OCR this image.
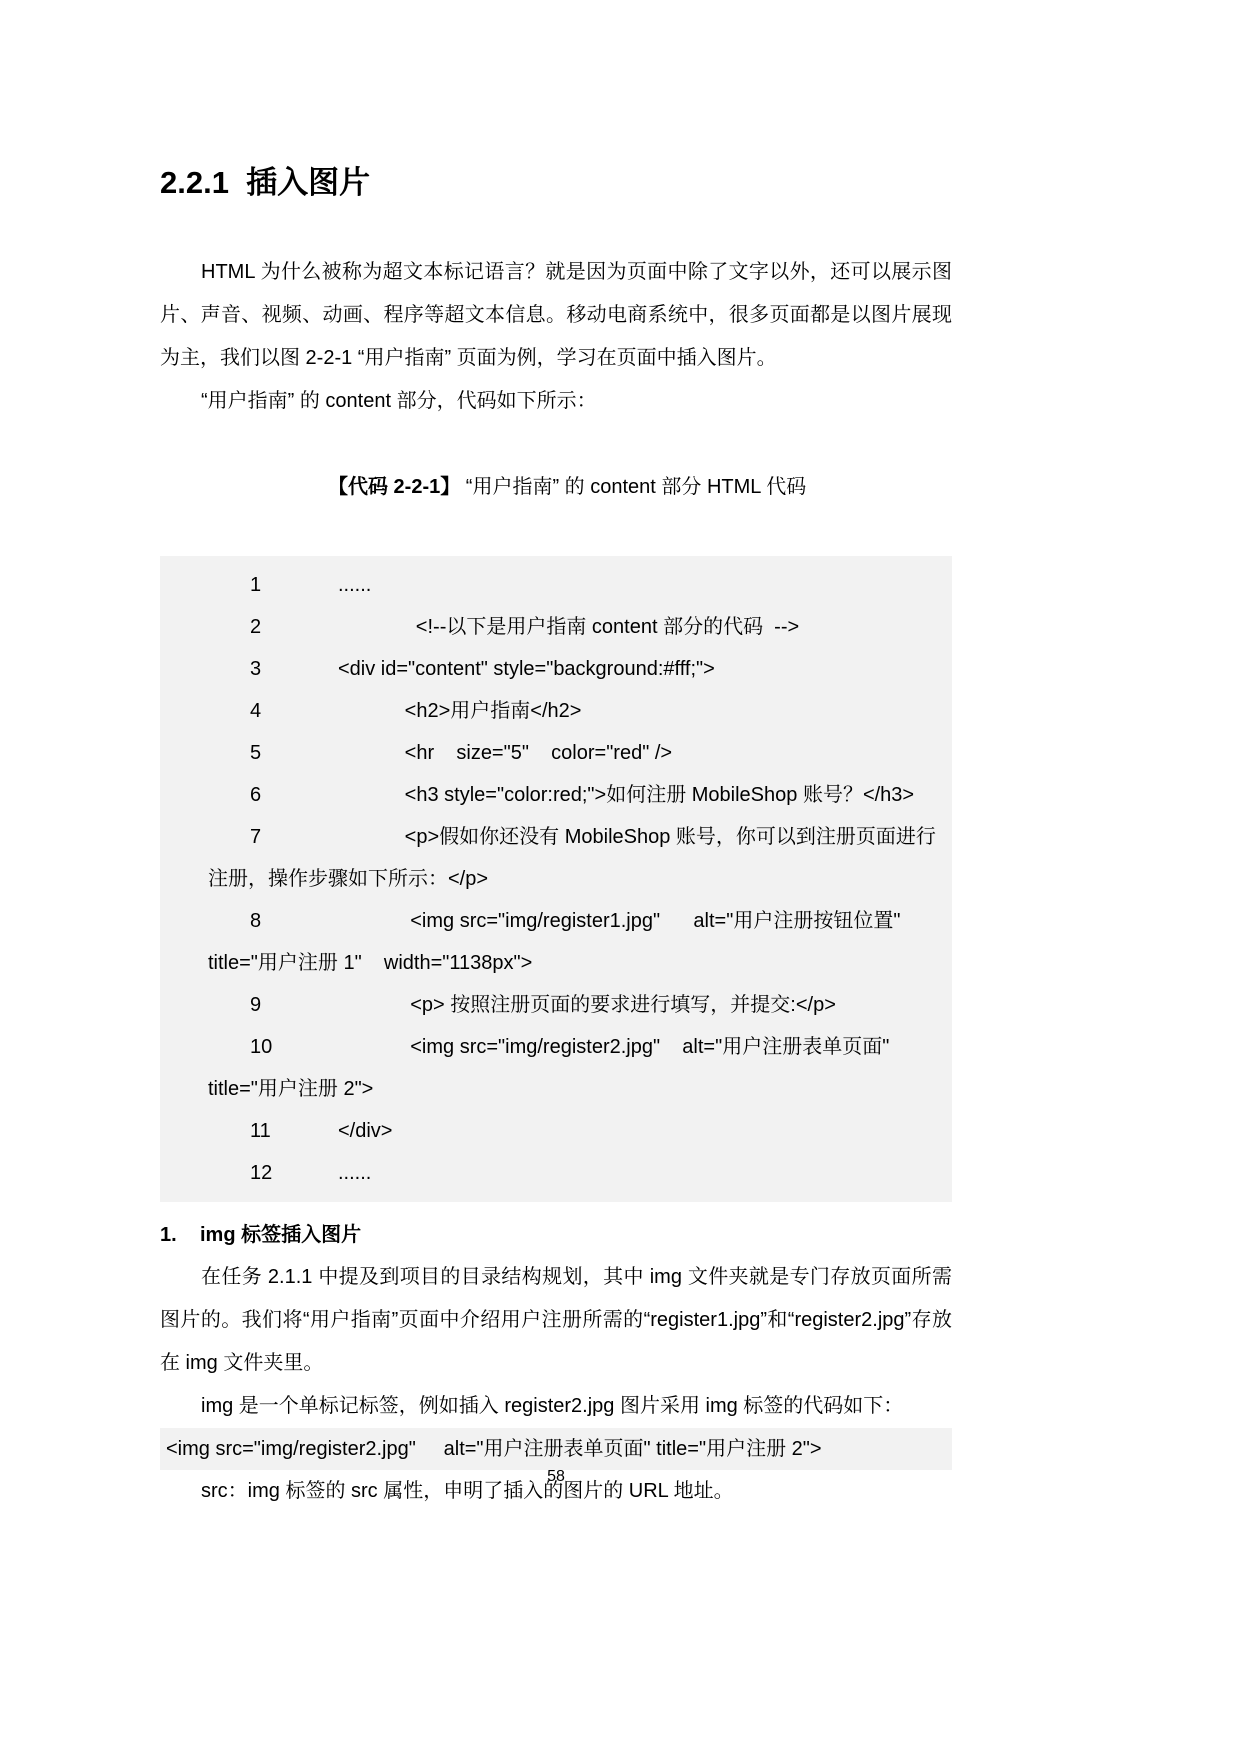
2.2.1  插入图片

HTML 为什么被称为超文本标记语言？就是因为页面中除了文字以外，还可以展示图片、声音、视频、动画、程序等超文本信息。移动电商系统中，很多页面都是以图片展现为主，我们以图 2-2-1 “用户指南” 页面为例，学习在页面中插入图片。

“用户指南” 的 content 部分，代码如下所示：

【代码 2-2-1】 “用户指南” 的 content 部分 HTML 代码

1	......
2	<!--以下是用户指南 content 部分的代码  -->
3	<div id="content" style="background:#fff;">
4	<h2>用户指南</h2>
5	<hr    size="5"    color="red" />
6	<h3 style="color:red;">如何注册 MobileShop 账号？</h3>
7	<p>假如你还没有 MobileShop 账号，你可以到注册页面进行注册，操作步骤如下所示：</p>
8	<img src="img/register1.jpg"      alt="用户注册按钮位置" title="用户注册 1"    width="1138px">
9	<p> 按照注册页面的要求进行填写，并提交:</p>
10	<img src="img/register2.jpg"    alt="用户注册表单页面" title="用户注册 2">
11	</div>
12	......
1. img 标签插入图片

在任务 2.1.1 中提及到项目的目录结构规划，其中 img 文件夹就是专门存放页面所需图片的。我们将“用户指南”页面中介绍用户注册所需的“register1.jpg”和“register2.jpg”存放在 img 文件夹里。

img 是一个单标记标签，例如插入 register2.jpg 图片采用 img 标签的代码如下：

<img src="img/register2.jpg"     alt="用户注册表单页面" title="用户注册 2">

src：img 标签的 src 属性，申明了插入的图片的 URL 地址。

58
